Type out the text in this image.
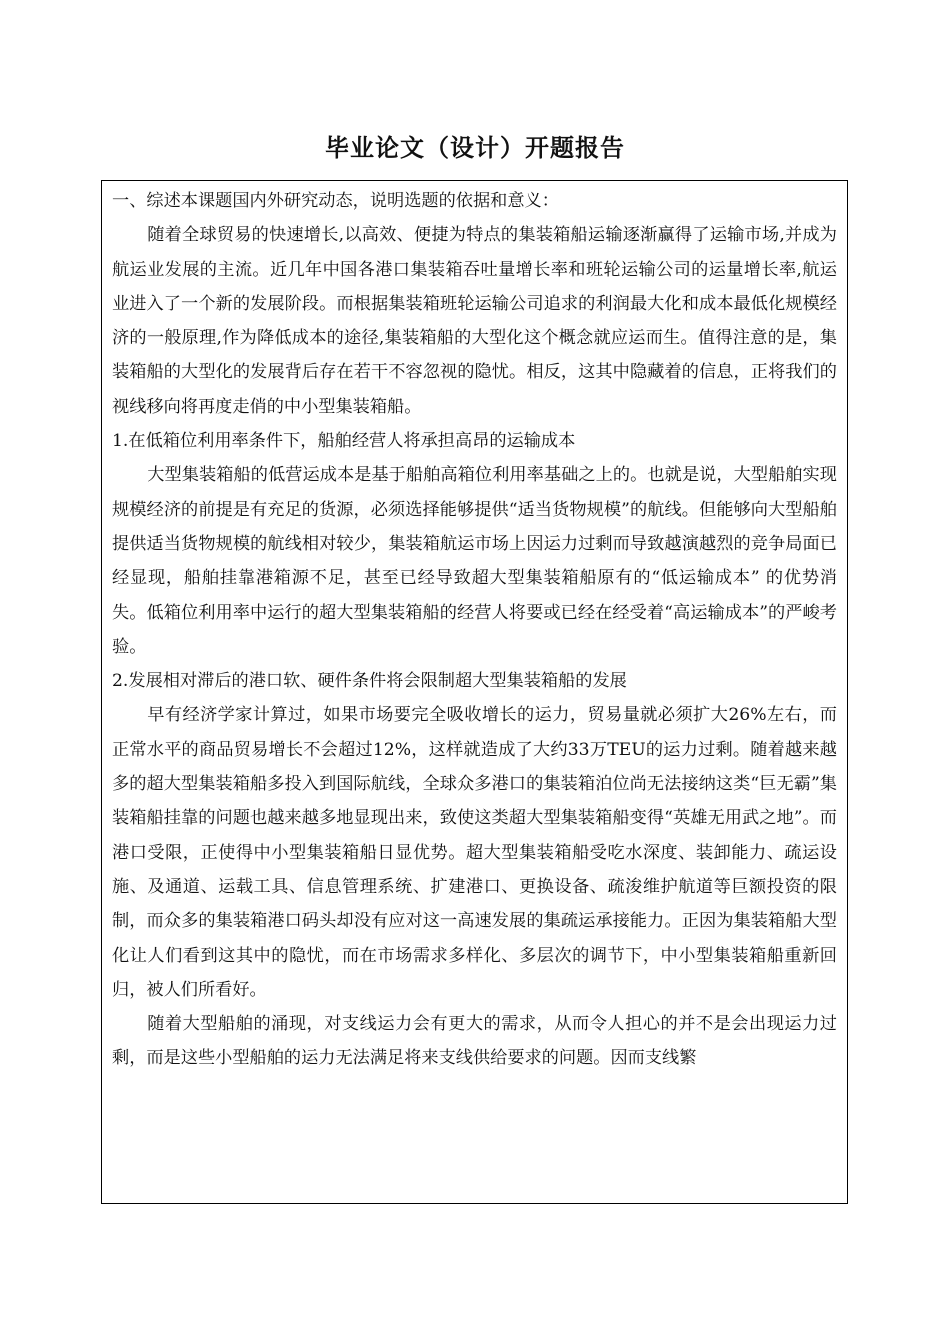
毕业论文（设计）开题报告

一、综述本课题国内外研究动态，说明选题的依据和意义：

随着全球贸易的快速增长,以高效、便捷为特点的集装箱船运输逐渐赢得了运输市场,并成为航运业发展的主流。近几年中国各港口集装箱吞吐量增长率和班轮运输公司的运量增长率,航运业进入了一个新的发展阶段。而根据集装箱班轮运输公司追求的利润最大化和成本最低化规模经济的一般原理,作为降低成本的途径,集装箱船的大型化这个概念就应运而生。值得注意的是，集装箱船的大型化的发展背后存在若干不容忽视的隐忧。相反，这其中隐藏着的信息，正将我们的视线移向将再度走俏的中小型集装箱船。

1.在低箱位利用率条件下，船舶经营人将承担高昂的运输成本

大型集装箱船的低营运成本是基于船舶高箱位利用率基础之上的。也就是说，大型船舶实现规模经济的前提是有充足的货源，必须选择能够提供“适当货物规模”的航线。但能够向大型船舶提供适当货物规模的航线相对较少，集装箱航运市场上因运力过剩而导致越演越烈的竞争局面已经显现，船舶挂靠港箱源不足，甚至已经导致超大型集装箱船原有的“低运输成本” 的优势消失。低箱位利用率中运行的超大型集装箱船的经营人将要或已经在经受着“高运输成本”的严峻考验。

2.发展相对滞后的港口软、硬件条件将会限制超大型集装箱船的发展

早有经济学家计算过，如果市场要完全吸收增长的运力，贸易量就必须扩大26%左右，而正常水平的商品贸易增长不会超过12%，这样就造成了大约33万TEU的运力过剩。随着越来越多的超大型集装箱船多投入到国际航线，全球众多港口的集装箱泊位尚无法接纳这类“巨无霸”集装箱船挂靠的问题也越来越多地显现出来，致使这类超大型集装箱船变得“英雄无用武之地”。而港口受限，正使得中小型集装箱船日显优势。超大型集装箱船受吃水深度、装卸能力、疏运设施、及通道、运载工具、信息管理系统、扩建港口、更换设备、疏浚维护航道等巨额投资的限制，而众多的集装箱港口码头却没有应对这一高速发展的集疏运承接能力。正因为集装箱船大型化让人们看到这其中的隐忧，而在市场需求多样化、多层次的调节下，中小型集装箱船重新回归，被人们所看好。

随着大型船舶的涌现，对支线运力会有更大的需求，从而令人担心的并不是会出现运力过剩，而是这些小型船舶的运力无法满足将来支线供给要求的问题。因而支线繁
